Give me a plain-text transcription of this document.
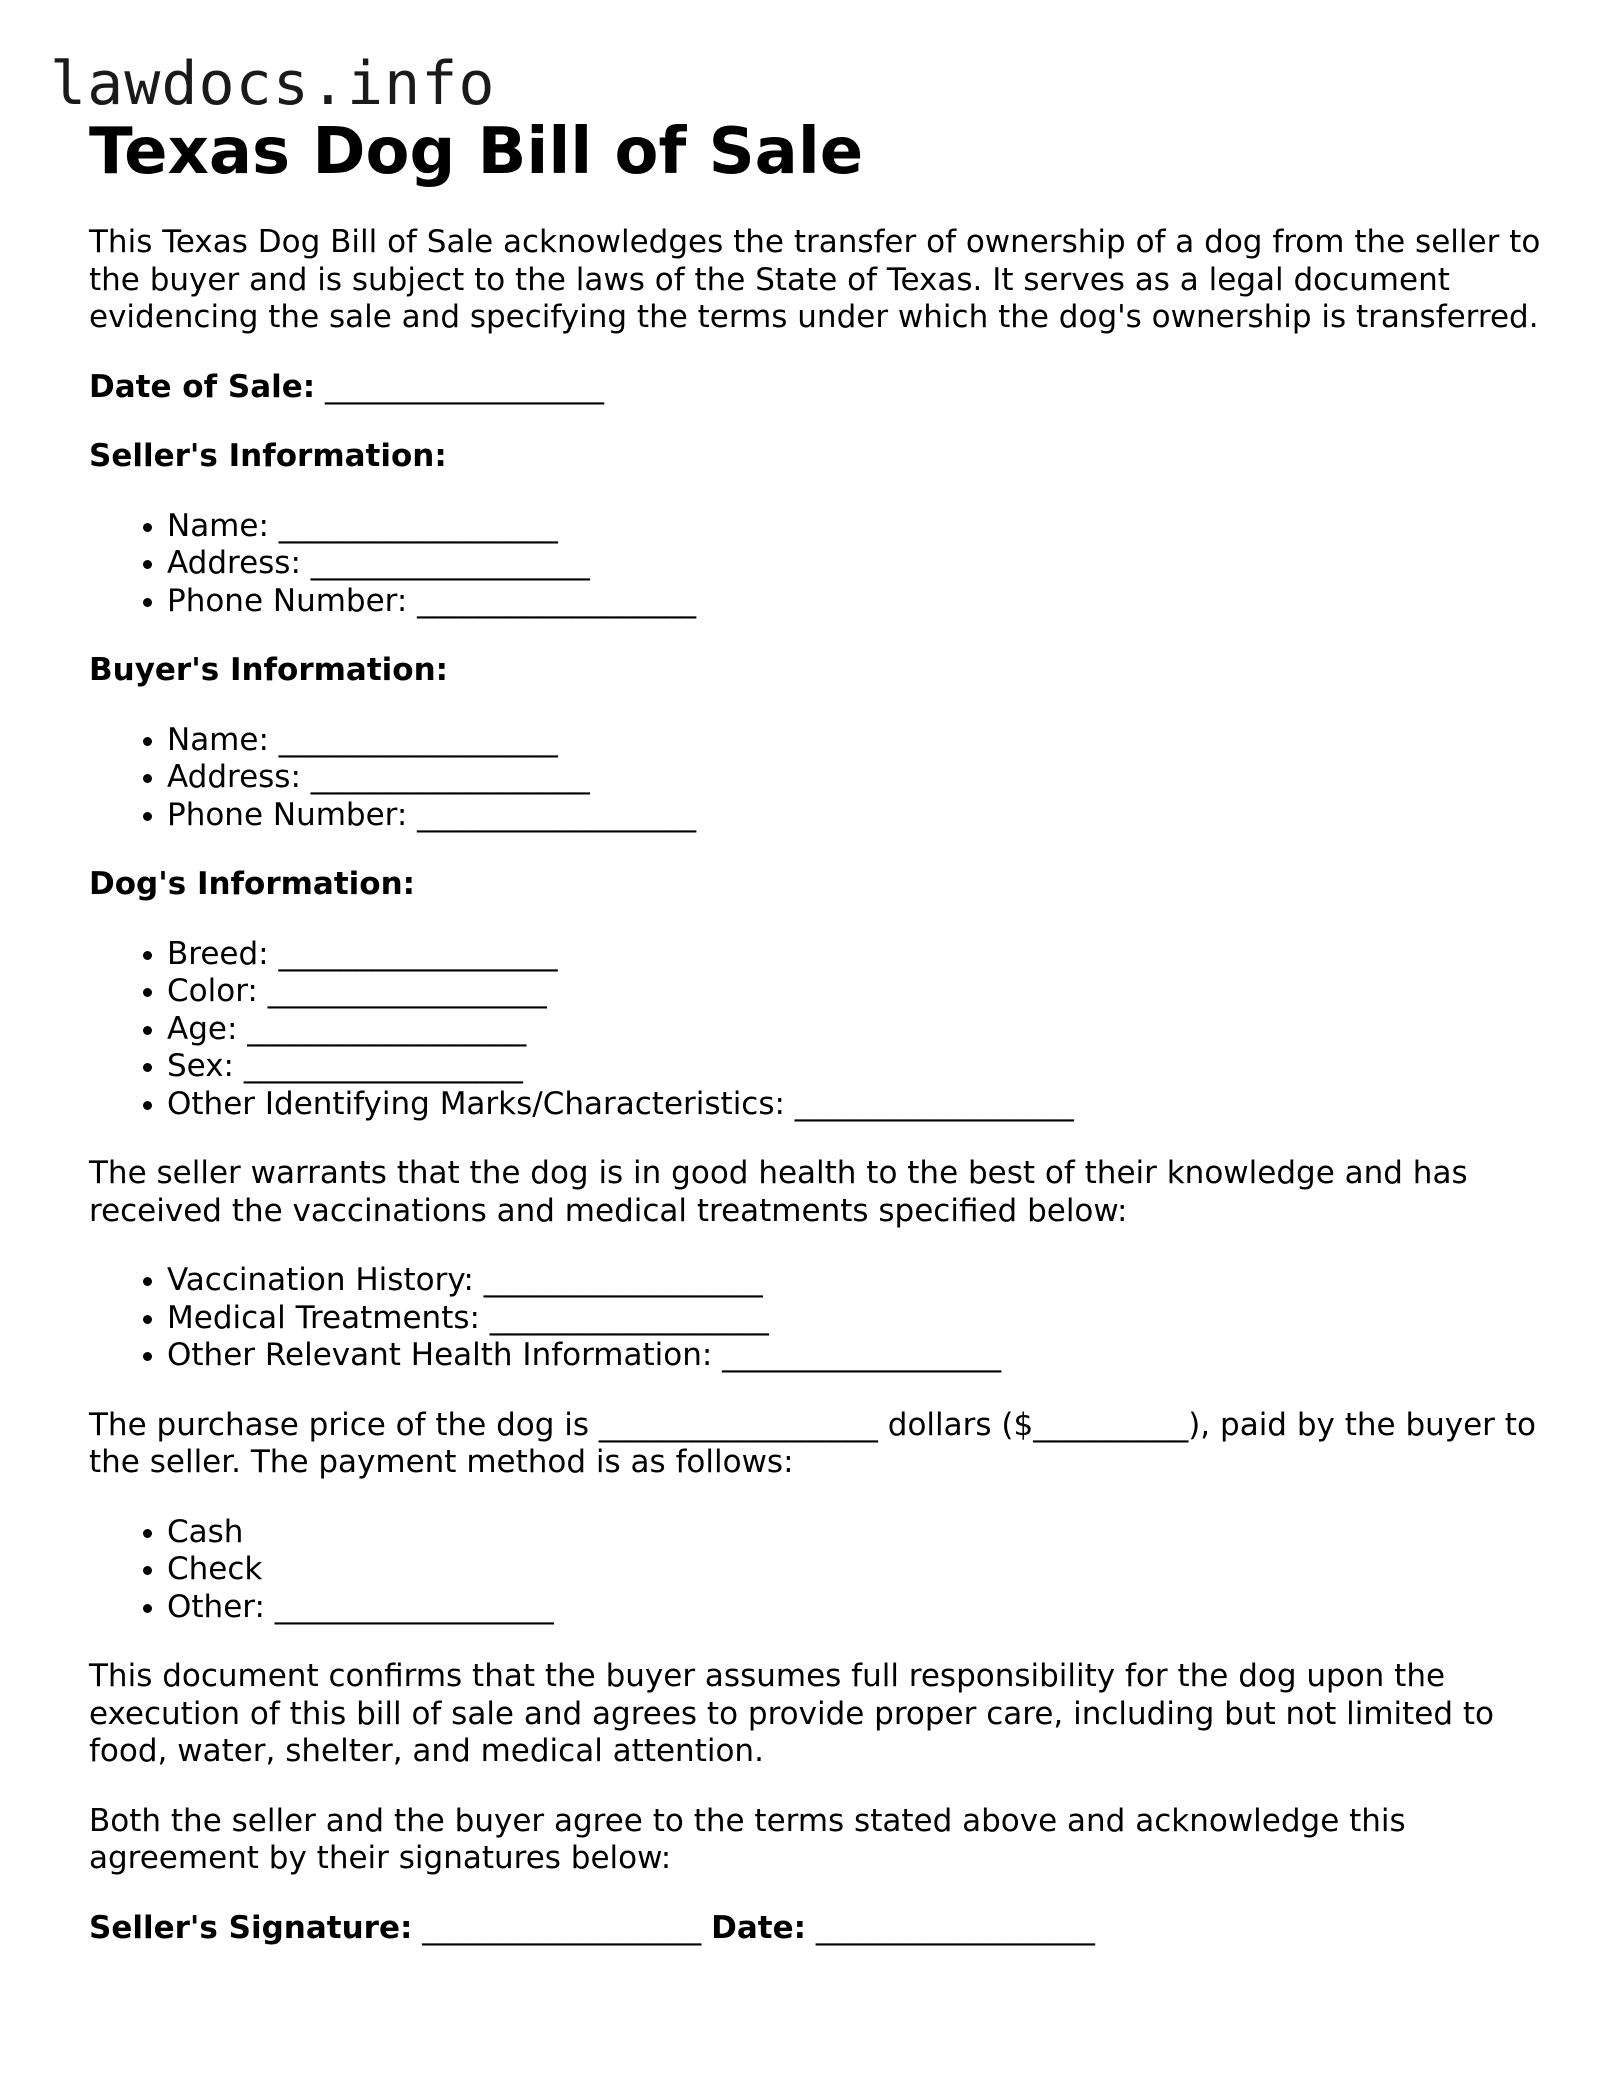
lawdocs.info
Texas Dog Bill of Sale

This Texas Dog Bill of Sale acknowledges the transfer of ownership of a dog from the seller to the buyer and is subject to the laws of the State of Texas. It serves as a legal document evidencing the sale and specifying the terms under which the dog's ownership is transferred.

Date of Sale: __________________

Seller's Information:

• Name: __________________
• Address: __________________
• Phone Number: __________________

Buyer's Information:

• Name: __________________
• Address: __________________
• Phone Number: __________________

Dog's Information:

• Breed: __________________
• Color: __________________
• Age: __________________
• Sex: __________________
• Other Identifying Marks/Characteristics: __________________

The seller warrants that the dog is in good health to the best of their knowledge and has received the vaccinations and medical treatments specified below:

• Vaccination History: __________________
• Medical Treatments: __________________
• Other Relevant Health Information: __________________

The purchase price of the dog is __________________ dollars ($__________), paid by the buyer to the seller. The payment method is as follows:

• Cash
• Check
• Other: __________________

This document confirms that the buyer assumes full responsibility for the dog upon the execution of this bill of sale and agrees to provide proper care, including but not limited to food, water, shelter, and medical attention.

Both the seller and the buyer agree to the terms stated above and acknowledge this agreement by their signatures below:

Seller's Signature: __________________ Date: __________________
